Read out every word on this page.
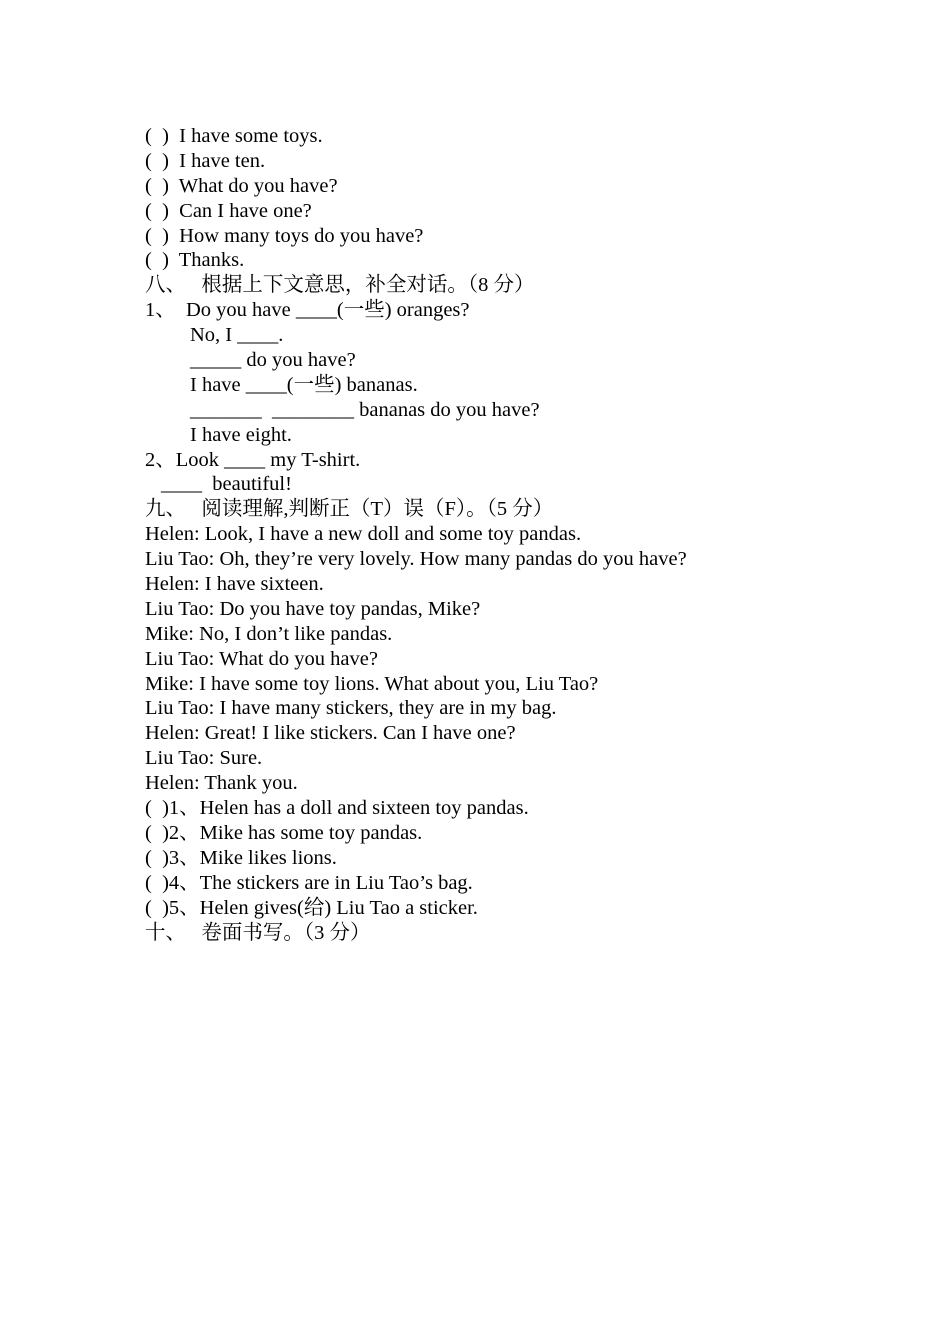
(  )  I have some toys.
(  )  I have ten.
(  )  What do you have?
(  )  Can I have one?
(  )  How many toys do you have?
(  )  Thanks.
八、   根据上下文意思，补全对话。（8 分）
1、  Do you have ____(一些) oranges?
No, I ____.
_____ do you have?
I have ____(一些) bananas.
_______  ________ bananas do you have?
I have eight.
2、Look ____ my T-shirt.
____  beautiful!
九、   阅读理解,判断正（T）误（F）。（5 分）
Helen: Look, I have a new doll and some toy pandas.
Liu Tao: Oh, they’re very lovely. How many pandas do you have?
Helen: I have sixteen.
Liu Tao: Do you have toy pandas, Mike?
Mike: No, I don’t like pandas.
Liu Tao: What do you have?
Mike: I have some toy lions. What about you, Liu Tao?
Liu Tao: I have many stickers, they are in my bag.
Helen: Great! I like stickers. Can I have one?
Liu Tao: Sure.
Helen: Thank you.
(  )1、Helen has a doll and sixteen toy pandas.
(  )2、Mike has some toy pandas.
(  )3、Mike likes lions.
(  )4、The stickers are in Liu Tao’s bag.
(  )5、Helen gives(给) Liu Tao a sticker.
十、   卷面书写。（3 分）
